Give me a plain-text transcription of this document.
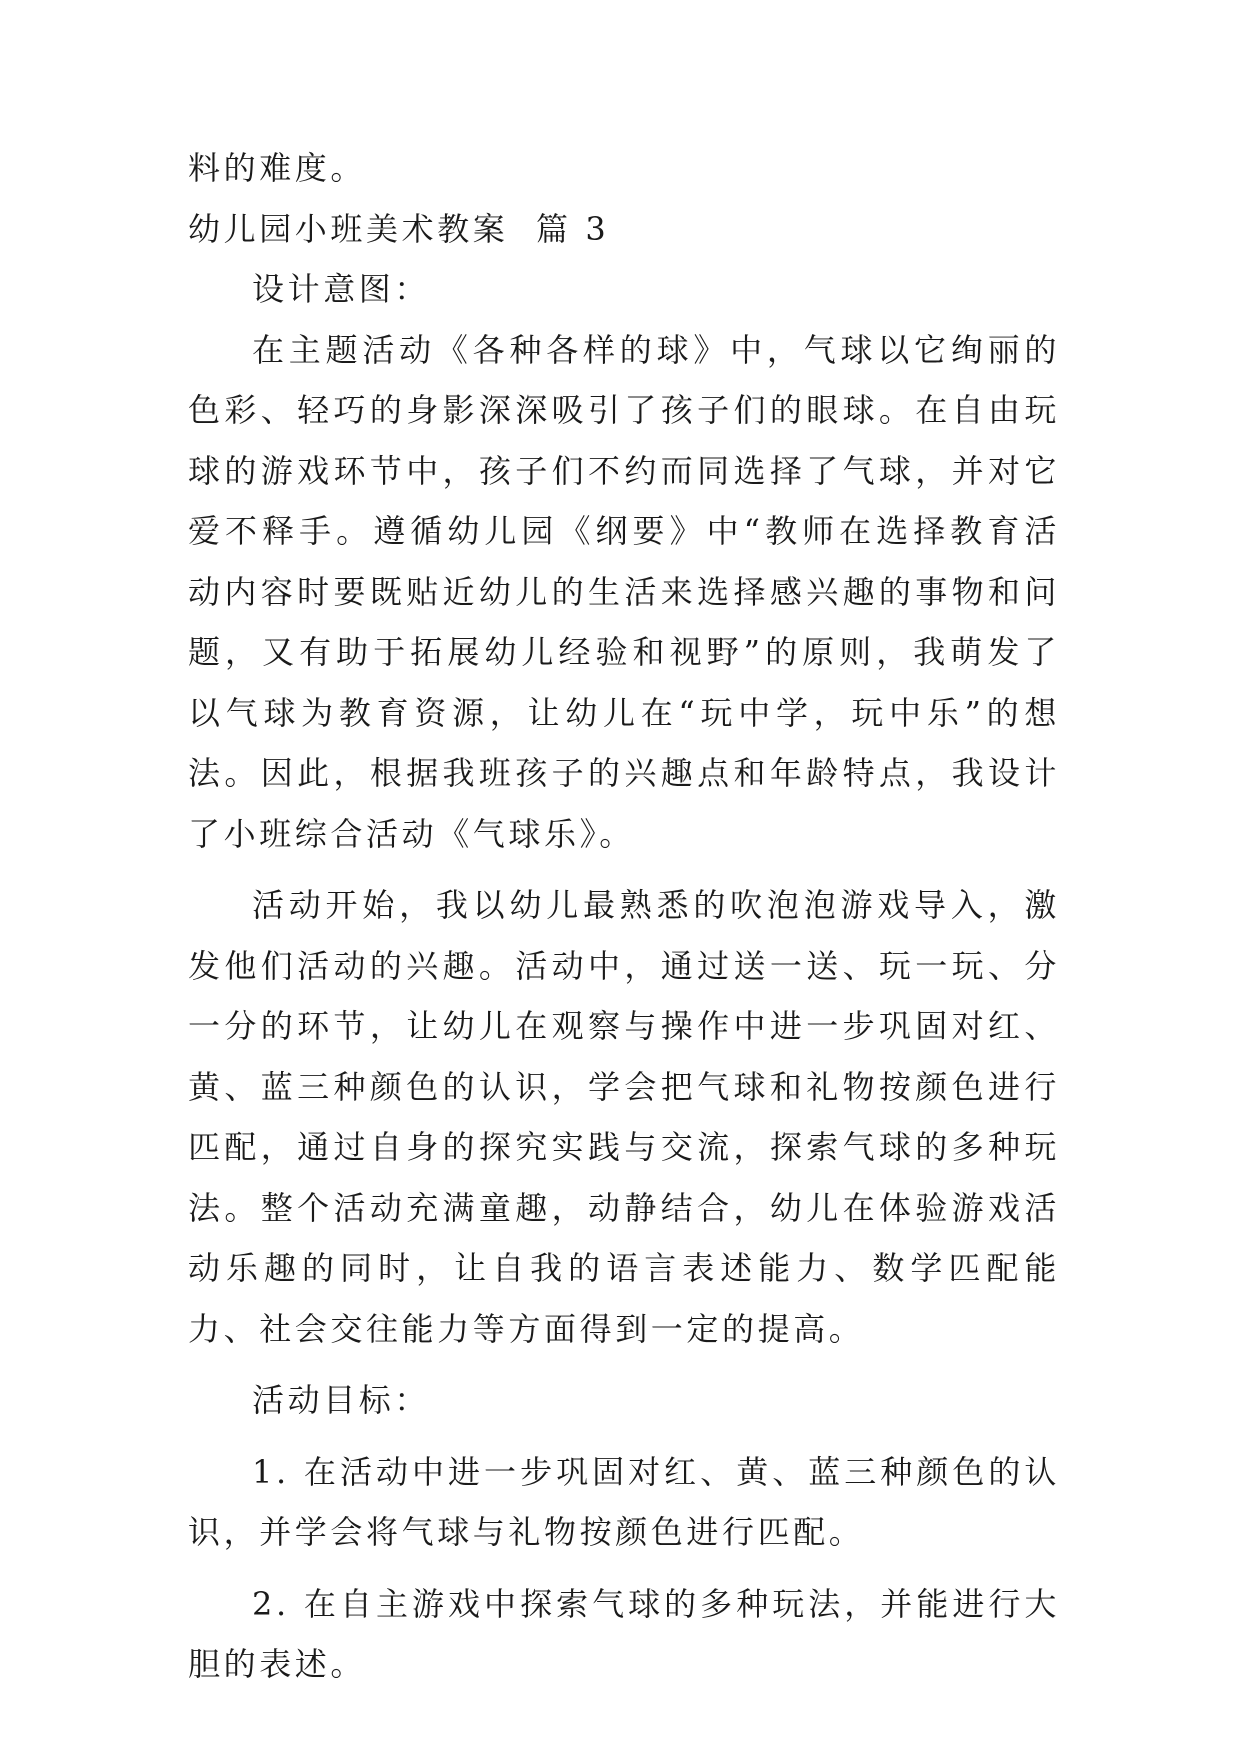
料的难度。

幼儿园小班美术教案  篇 3

设计意图：

在主题活动《各种各样的球》中，气球以它绚丽的色彩、轻巧的身影深深吸引了孩子们的眼球。在自由玩球的游戏环节中，孩子们不约而同选择了气球，并对它爱不释手。遵循幼儿园《纲要》中“教师在选择教育活动内容时要既贴近幼儿的生活来选择感兴趣的事物和问题，又有助于拓展幼儿经验和视野”的原则，我萌发了以气球为教育资源，让幼儿在“玩中学，玩中乐”的想法。因此，根据我班孩子的兴趣点和年龄特点，我设计了小班综合活动《气球乐》。

活动开始，我以幼儿最熟悉的吹泡泡游戏导入，激发他们活动的兴趣。活动中，通过送一送、玩一玩、分一分的环节，让幼儿在观察与操作中进一步巩固对红、黄、蓝三种颜色的认识，学会把气球和礼物按颜色进行匹配，通过自身的探究实践与交流，探索气球的多种玩法。整个活动充满童趣，动静结合，幼儿在体验游戏活动乐趣的同时，让自我的语言表述能力、数学匹配能力、社会交往能力等方面得到一定的提高。

活动目标：

1. 在活动中进一步巩固对红、黄、蓝三种颜色的认识，并学会将气球与礼物按颜色进行匹配。

2. 在自主游戏中探索气球的多种玩法，并能进行大胆的表述。
